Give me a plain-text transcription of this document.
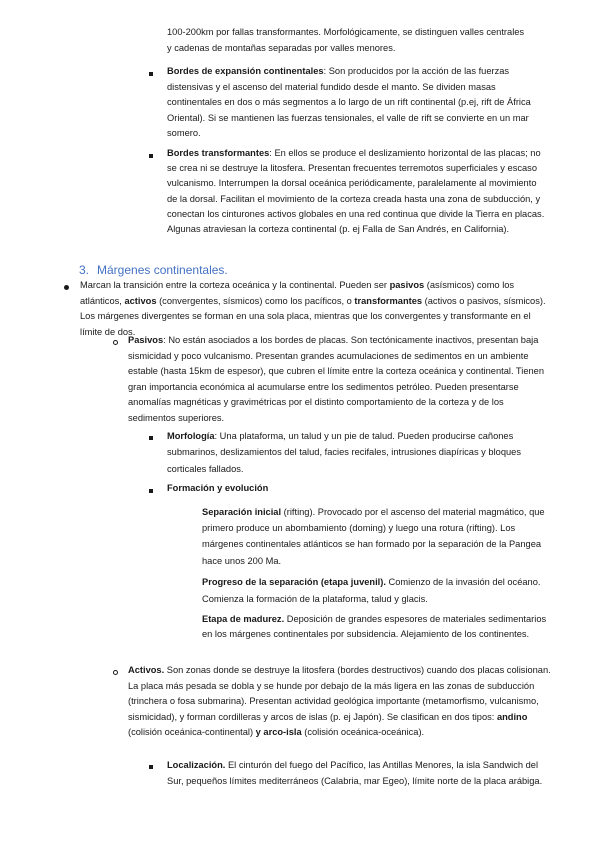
100-200km por fallas transformantes. Morfológicamente, se distinguen valles centrales y cadenas de montañas separadas por valles menores.

Bordes de expansión continentales: Son producidos por la acción de las fuerzas distensivas y el ascenso del material fundido desde el manto. Se dividen masas continentales en dos o más segmentos a lo largo de un rift continental (p.ej, rift de África Oriental). Si se mantienen las fuerzas tensionales, el valle de rift se convierte en un mar somero.

Bordes transformantes: En ellos se produce el deslizamiento horizontal de las placas; no se crea ni se destruye la litosfera. Presentan frecuentes terremotos superficiales y escaso vulcanismo. Interrumpen la dorsal oceánica periódicamente, paralelamente al movimiento de la dorsal. Facilitan el movimiento de la corteza creada hasta una zona de subducción, y conectan los cinturones activos globales en una red continua que divide la Tierra en placas. Algunas atraviesan la corteza continental (p. ej Falla de San Andrés, en California).

3. Márgenes continentales.

Marcan la transición entre la corteza oceánica y la continental. Pueden ser pasivos (asísmicos) como los atlánticos, activos (convergentes, sísmicos) como los pacíficos, o transformantes (activos o pasivos, sísmicos). Los márgenes divergentes se forman en una sola placa, mientras que los convergentes y transformante en el límite de dos.

Pasivos: No están asociados a los bordes de placas. Son tectónicamente inactivos, presentan baja sismicidad y poco vulcanismo. Presentan grandes acumulaciones de sedimentos en un ambiente estable (hasta 15km de espesor), que cubren el límite entre la corteza oceánica y continental. Tienen gran importancia económica al acumularse entre los sedimentos petróleo. Pueden presentarse anomalías magnéticas y gravimétricas por el distinto comportamiento de la corteza y de los sedimentos superiores.

Morfología: Una plataforma, un talud y un pie de talud. Pueden producirse cañones submarinos, deslizamientos del talud, facies recifales, intrusiones diapíricas y bloques corticales fallados.

Formación y evolución

Separación inicial (rifting). Provocado por el ascenso del material magmático, que primero produce un abombamiento (doming) y luego una rotura (rifting). Los márgenes continentales atlánticos se han formado por la separación de la Pangea hace unos 200 Ma.

Progreso de la separación (etapa juvenil). Comienzo de la invasión del océano. Comienza la formación de la plataforma, talud y glacis.

Etapa de madurez. Deposición de grandes espesores de materiales sedimentarios en los márgenes continentales por subsidencia. Alejamiento de los continentes.

Activos. Son zonas donde se destruye la litosfera (bordes destructivos) cuando dos placas colisionan. La placa más pesada se dobla y se hunde por debajo de la más ligera en las zonas de subducción (trinchera o fosa submarina). Presentan actividad geológica importante (metamorfismo, vulcanismo, sismicidad), y forman cordilleras y arcos de islas (p. ej Japón). Se clasifican en dos tipos: andino (colisión oceánica-continental) y arco-isla (colisión oceánica-oceánica).

Localización. El cinturón del fuego del Pacífico, las Antillas Menores, la isla Sandwich del Sur, pequeños límites mediterráneos (Calabria, mar Egeo), límite norte de la placa arábiga.
